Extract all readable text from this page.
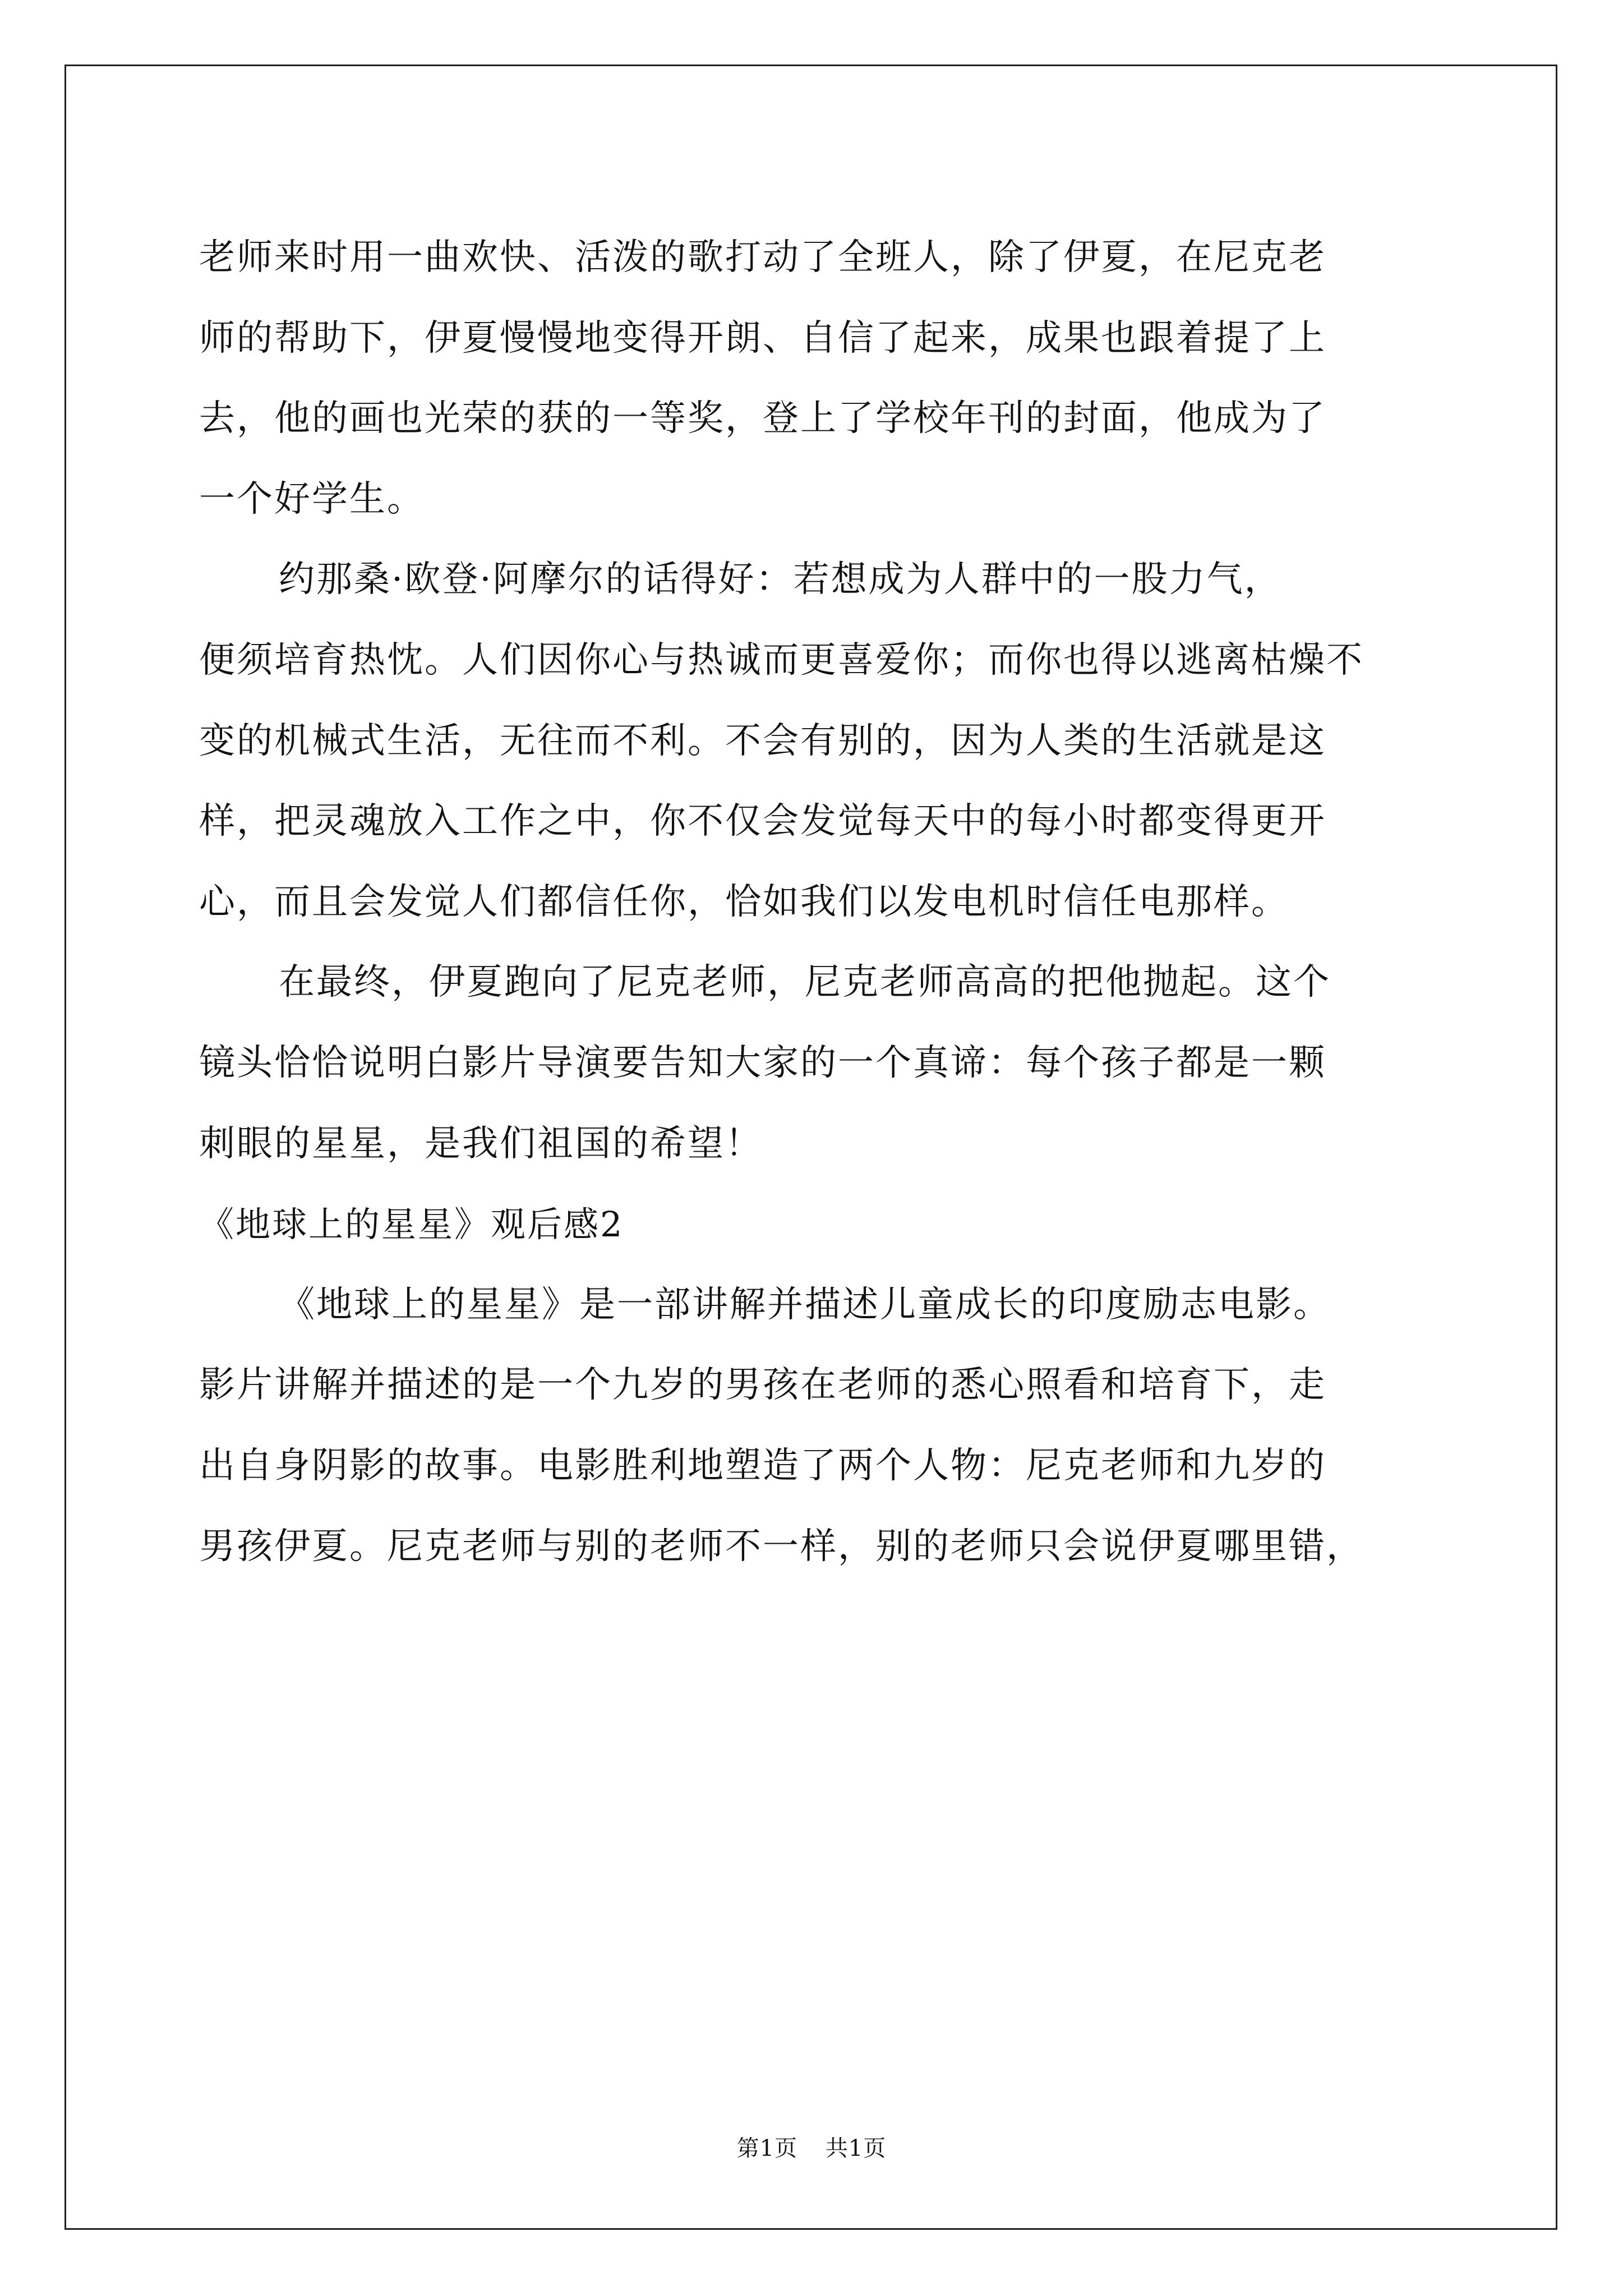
老师来时用一曲欢快、活泼的歌打动了全班人，除了伊夏，在尼克老
师的帮助下，伊夏慢慢地变得开朗、自信了起来，成果也跟着提了上
去，他的画也光荣的获的一等奖，登上了学校年刊的封面，他成为了
一个好学生。
约那桑·欧登·阿摩尔的话得好：若想成为人群中的一股力气，
便须培育热忱。人们因你心与热诚而更喜爱你；而你也得以逃离枯燥不
变的机械式生活，无往而不利。不会有别的，因为人类的生活就是这
样，把灵魂放入工作之中，你不仅会发觉每天中的每小时都变得更开
心，而且会发觉人们都信任你，恰如我们以发电机时信任电那样。
在最终，伊夏跑向了尼克老师，尼克老师高高的把他抛起。这个
镜头恰恰说明白影片导演要告知大家的一个真谛：每个孩子都是一颗
刺眼的星星，是我们祖国的希望！
《地球上的星星》观后感2
《地球上的星星》是一部讲解并描述儿童成长的印度励志电影。
影片讲解并描述的是一个九岁的男孩在老师的悉心照看和培育下，走
出自身阴影的故事。电影胜利地塑造了两个人物：尼克老师和九岁的
男孩伊夏。尼克老师与别的老师不一样，别的老师只会说伊夏哪里错，
第1页 共1页
